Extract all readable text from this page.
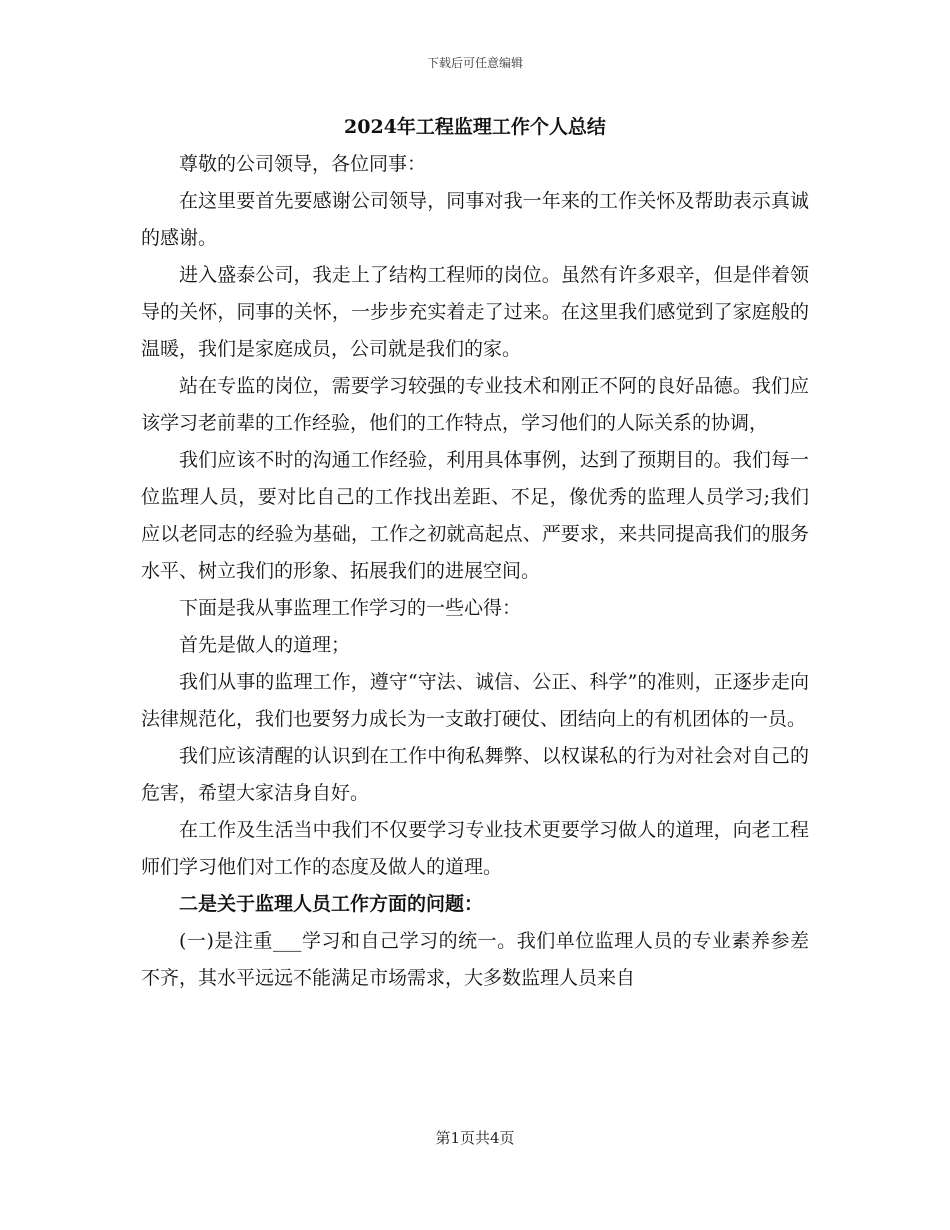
下载后可任意编辑
2024年工程监理工作个人总结

尊敬的公司领导，各位同事：

在这里要首先要感谢公司领导，同事对我一年来的工作关怀及帮助表示真诚的感谢。

进入盛泰公司，我走上了结构工程师的岗位。虽然有许多艰辛，但是伴着领导的关怀，同事的关怀，一步步充实着走了过来。在这里我们感觉到了家庭般的温暖，我们是家庭成员，公司就是我们的家。

站在专监的岗位，需要学习较强的专业技术和刚正不阿的良好品德。我们应该学习老前辈的工作经验，他们的工作特点，学习他们的人际关系的协调，

我们应该不时的沟通工作经验，利用具体事例，达到了预期目的。我们每一位监理人员，要对比自己的工作找出差距、不足，像优秀的监理人员学习;我们应以老同志的经验为基础，工作之初就高起点、严要求，来共同提高我们的服务水平、树立我们的形象、拓展我们的进展空间。

下面是我从事监理工作学习的一些心得：

首先是做人的道理；

我们从事的监理工作，遵守“守法、诚信、公正、科学”的准则，正逐步走向法律规范化，我们也要努力成长为一支敢打硬仗、团结向上的有机团体的一员。

我们应该清醒的认识到在工作中徇私舞弊、以权谋私的行为对社会对自己的危害，希望大家洁身自好。

在工作及生活当中我们不仅要学习专业技术更要学习做人的道理，向老工程师们学习他们对工作的态度及做人的道理。

二是关于监理人员工作方面的问题：

(一)是注重___学习和自己学习的统一。我们单位监理人员的专业素养参差不齐，其水平远远不能满足市场需求，大多数监理人员来自

第1页共4页
